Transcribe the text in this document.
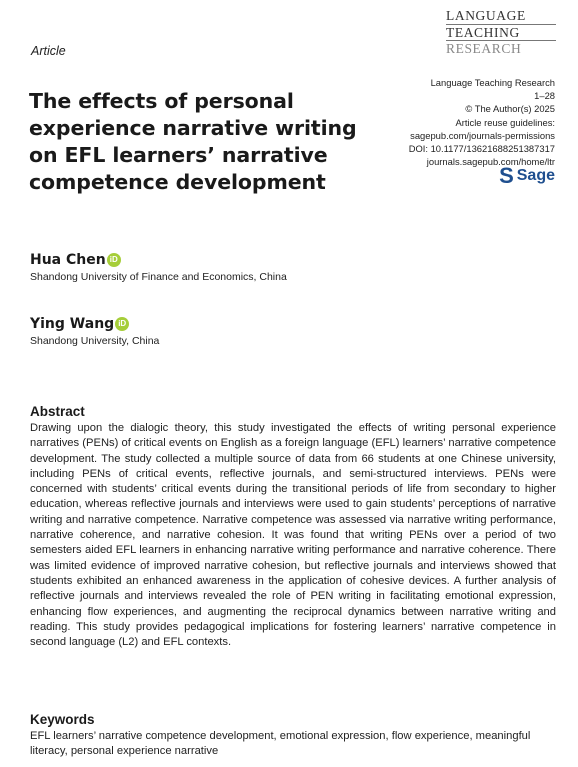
LANGUAGE
TEACHING
RESEARCH
Article
The effects of personal experience narrative writing on EFL learners’ narrative competence development
Language Teaching Research
1–28
© The Author(s) 2025
Article reuse guidelines:
sagepub.com/journals-permissions
DOI: 10.1177/13621688251387317
journals.sagepub.com/home/ltr
S Sage
Hua Chen iD
Shandong University of Finance and Economics, China
Ying Wang iD
Shandong University, China
Abstract

Drawing upon the dialogic theory, this study investigated the effects of writing personal experience narratives (PENs) of critical events on English as a foreign language (EFL) learners’ narrative competence development. The study collected a multiple source of data from 66 students at one Chinese university, including PENs of critical events, reflective journals, and semi-structured interviews. PENs were concerned with students’ critical events during the transitional periods of life from secondary to higher education, whereas reflective journals and interviews were used to gain students’ perceptions of narrative writing and narrative competence. Narrative competence was assessed via narrative writing performance, narrative coherence, and narrative cohesion. It was found that writing PENs over a period of two semesters aided EFL learners in enhancing narrative writing performance and narrative coherence. There was limited evidence of improved narrative cohesion, but reflective journals and interviews showed that students exhibited an enhanced awareness in the application of cohesive devices. A further analysis of reflective journals and interviews revealed the role of PEN writing in facilitating emotional expression, enhancing flow experiences, and augmenting the reciprocal dynamics between narrative writing and reading. This study provides pedagogical implications for fostering learners’ narrative competence in second language (L2) and EFL contexts.

Keywords

EFL learners’ narrative competence development, emotional expression, flow experience, meaningful literacy, personal experience narrative
